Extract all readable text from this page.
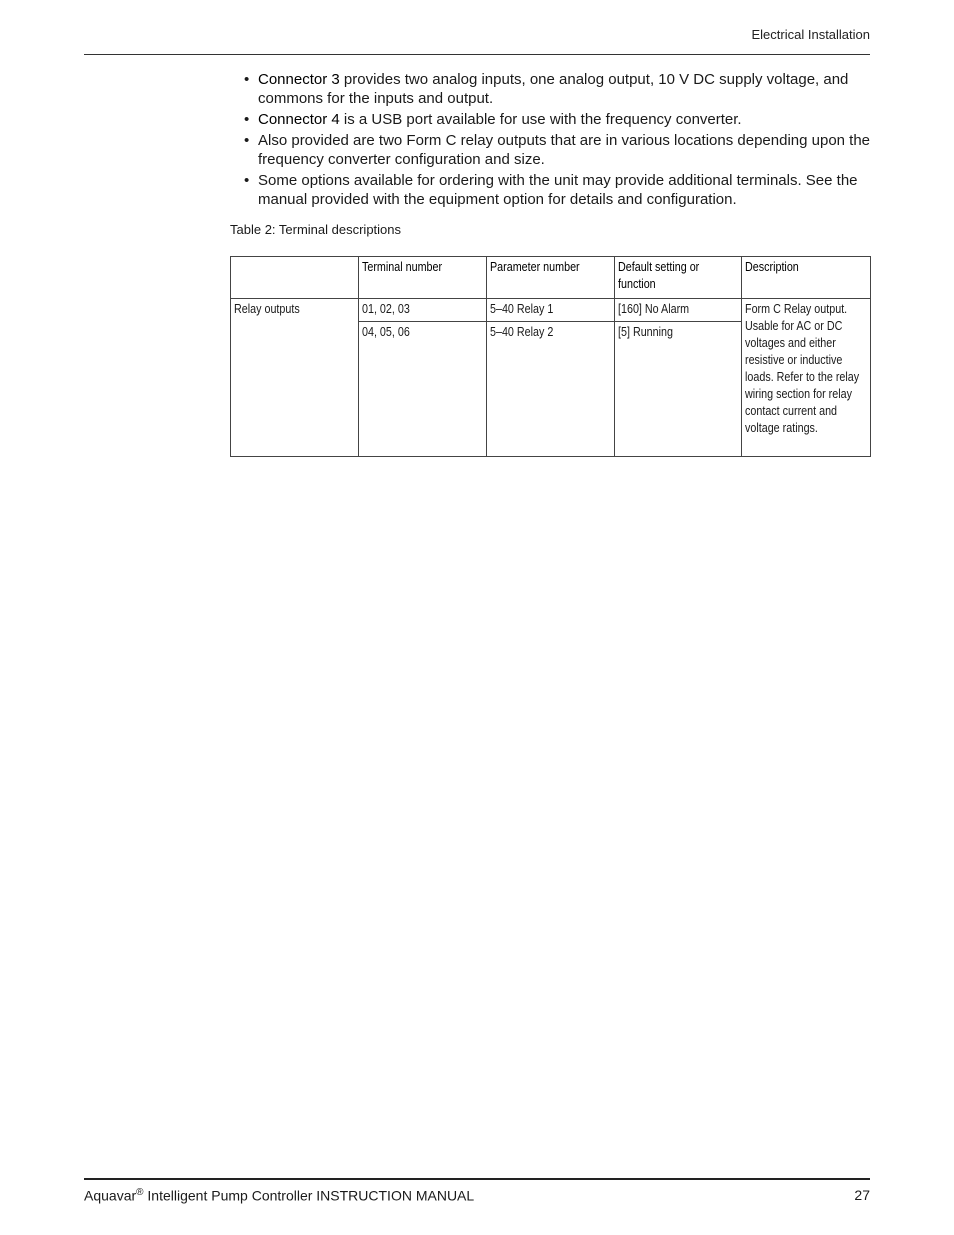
Electrical Installation
• Connector 3 provides two analog inputs, one analog output, 10 V DC supply voltage, and commons for the inputs and output.
• Connector 4 is a USB port available for use with the frequency converter.
• Also provided are two Form C relay outputs that are in various locations depending upon the frequency converter configuration and size.
• Some options available for ordering with the unit may provide additional terminals. See the manual provided with the equipment option for details and configuration.
Table 2: Terminal descriptions
	Terminal number	Parameter number	Default setting or function	Description
Relay outputs	01, 02, 03	5–40 Relay 1	[160] No Alarm	Form C Relay output. Usable for AC or DC voltages and either resistive or inductive loads. Refer to the relay wiring section for relay contact current and voltage ratings.
	04, 05, 06	5–40 Relay 2	[5] Running	
Aquavar® Intelligent Pump Controller INSTRUCTION MANUAL	27
